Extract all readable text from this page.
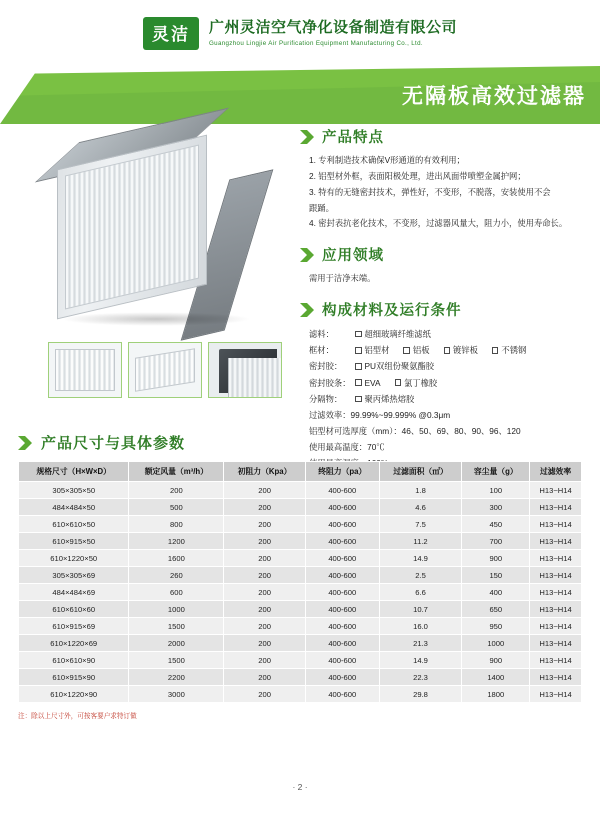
灵洁	广州灵洁空气净化设备制造有限公司
Guangzhou Lingjie Air Purification Equipment Manufacturing Co., Ltd.
无隔板高效过滤器
产品特点

1. 专利制造技术确保V形通道的有效利用；

2. 铝型材外框，表面阳极处理，进出风面带喷塑金属护网；

3. 特有的无缝密封技术，弹性好，不变形，不脱落，安装使用不会

跟踊。

4. 密封表抗老化技术，不变形，过滤器风量大，阻力小，使用寿命长。

应用领域

需用于洁净末端。

构成材料及运行条件
滤料：	超细玻璃纤维滤纸
框材：	铝型材	铝板	镀锌板	不锈钢
密封胶：	PU双组份聚氨酯胶
密封胶条：	EVA	氯丁橡胶
分隔物：	聚丙烯热熔胶
过滤效率：99.99%~99.999% @0.3μm
铝型材可选厚度（mm）：46、50、69、80、90、96、120
使用最高温度：70℃
产品尺寸与具体参数
规格尺寸（H×W×D）	额定风量（m³/h）	初阻力（Kpa）	终阻力（pa）	过滤面积（㎡）	容尘量（g）	过滤效率
305×305×50	200	200	400-600	1.8	100	H13~H14
484×484×50	500	200	400-600	4.6	300	H13~H14
610×610×50	800	200	400-600	7.5	450	H13~H14
610×915×50	1200	200	400-600	11.2	700	H13~H14
610×1220×50	1600	200	400-600	14.9	900	H13~H14
305×305×69	260	200	400-600	2.5	150	H13~H14
484×484×69	600	200	400-600	6.6	400	H13~H14
610×610×60	1000	200	400-600	10.7	650	H13~H14
610×915×69	1500	200	400-600	16.0	950	H13~H14
610×1220×69	2000	200	400-600	21.3	1000	H13~H14
610×610×90	1500	200	400-600	14.9	900	H13~H14
610×915×90	2200	200	400-600	22.3	1400	H13~H14
610×1220×90	3000	200	400-600	29.8	1800	H13~H14
注：除以上尺寸外，可按客要户求特订做
· 2 ·
